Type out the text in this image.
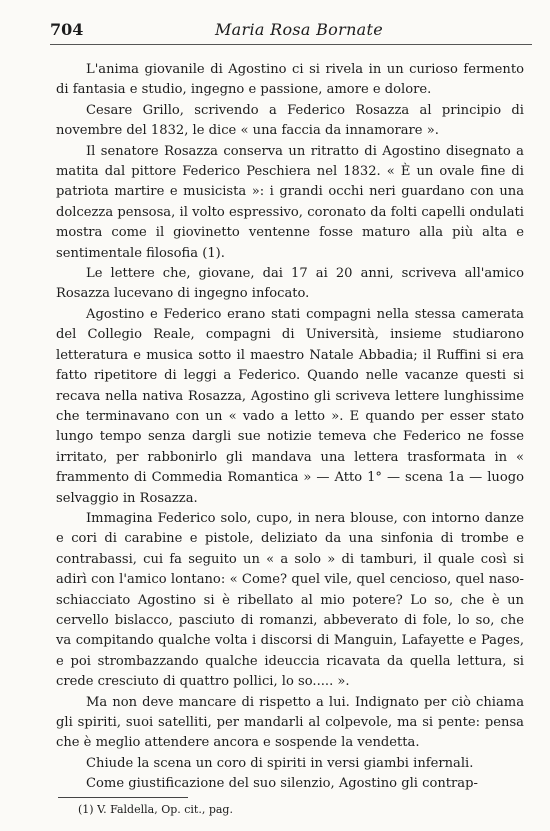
704	Maria Rosa Bornate

L'anima giovanile di Agostino ci si rivela in un curioso fermento di fantasia e studio, ingegno e passione, amore e dolore.

Cesare Grillo, scrivendo a Federico Rosazza al principio di novembre del 1832, le dice « una faccia da innamorare ».

Il senatore Rosazza conserva un ritratto di Agostino disegnato a matita dal pittore Federico Peschiera nel 1832. « È un ovale fine di patriota martire e musicista »: i grandi occhi neri guardano con una dolcezza pensosa, il volto espressivo, coronato da folti capelli ondulati mostra come il giovinetto ventenne fosse maturo alla più alta e sentimentale filosofia (1).

Le lettere che, giovane, dai 17 ai 20 anni, scriveva all'amico Rosazza lucevano di ingegno infocato.

Agostino e Federico erano stati compagni nella stessa camerata del Collegio Reale, compagni di Università, insieme studiarono letteratura e musica sotto il maestro Natale Abbadia; il Ruffini si era fatto ripetitore di leggi a Federico. Quando nelle vacanze questi si recava nella nativa Rosazza, Agostino gli scriveva lettere lunghissime che terminavano con un « vado a letto ». E quando per esser stato lungo tempo senza dargli sue notizie temeva che Federico ne fosse irritato, per rabbonirlo gli mandava una lettera trasformata in « frammento di Commedia Romantica » — Atto 1° — scena 1a — luogo selvaggio in Rosazza.

Immagina Federico solo, cupo, in nera blouse, con intorno danze e cori di carabine e pistole, deliziato da una sinfonia di trombe e contrabassi, cui fa seguito un « a solo » di tamburi, il quale così si adirì con l'amico lontano: « Come? quel vile, quel cencioso, quel naso-schiacciato Agostino si è ribellato al mio potere? Lo so, che è un cervello bislacco, pasciuto di romanzi, abbeverato di fole, lo so, che va compitando qualche volta i discorsi di Manguin, Lafayette e Pages, e poi strombazzando qualche ideuccia ricavata da quella lettura, si crede cresciuto di quattro pollici, lo so..... ».

Ma non deve mancare di rispetto a lui. Indignato per ciò chiama gli spiriti, suoi satelliti, per mandarli al colpevole, ma si pente: pensa che è meglio attendere ancora e sospende la vendetta.

Chiude la scena un coro di spiriti in versi giambi infernali.

Come giustificazione del suo silenzio, Agostino gli contrap-

(1) V. Faldella, Op. cit., pag.
